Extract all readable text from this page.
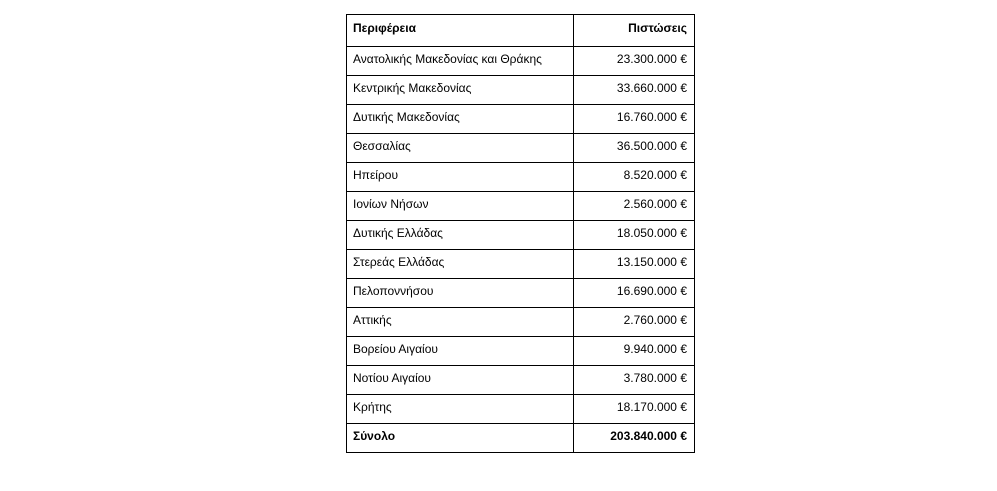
Περιφέρεια	Πιστώσεις
Ανατολικής Μακεδονίας και Θράκης	23.300.000 €
Κεντρικής Μακεδονίας	33.660.000 €
Δυτικής Μακεδονίας	16.760.000 €
Θεσσαλίας	36.500.000 €
Ηπείρου	8.520.000 €
Ιονίων Νήσων	2.560.000 €
Δυτικής Ελλάδας	18.050.000 €
Στερεάς Ελλάδας	13.150.000 €
Πελοποννήσου	16.690.000 €
Αττικής	2.760.000 €
Βορείου Αιγαίου	9.940.000 €
Νοτίου Αιγαίου	3.780.000 €
Κρήτης	18.170.000 €
Σύνολο	203.840.000 €
